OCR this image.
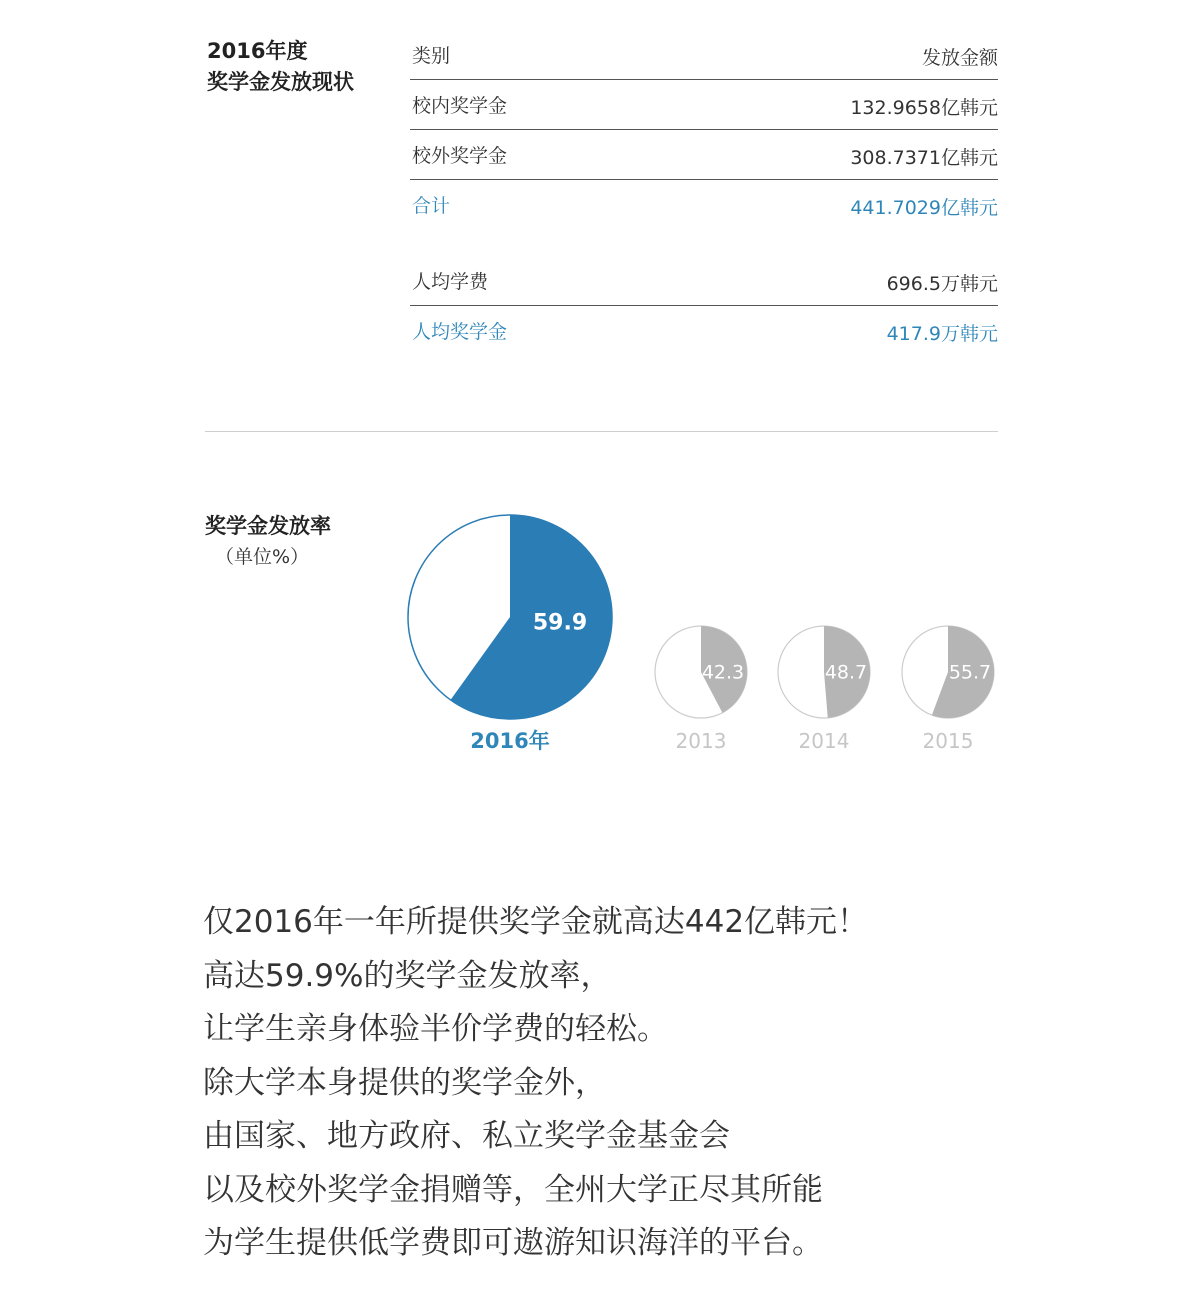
2016年度
奖学金发放现状
类别	发放金额
校内奖学金	132.9658亿韩元
校外奖学金	308.7371亿韩元
合计	441.7029亿韩元
人均学费	696.5万韩元
人均奖学金	417.9万韩元
奖学金发放率
（单位%）
59.9
2016年
42.3
2013
48.7
2014
55.7
2015
仅2016年一年所提供奖学金就高达442亿韩元！
高达59.9%的奖学金发放率，
让学生亲身体验半价学费的轻松。
除大学本身提供的奖学金外，
由国家、地方政府、私立奖学金基金会
以及校外奖学金捐赠等，全州大学正尽其所能
为学生提供低学费即可遨游知识海洋的平台。
